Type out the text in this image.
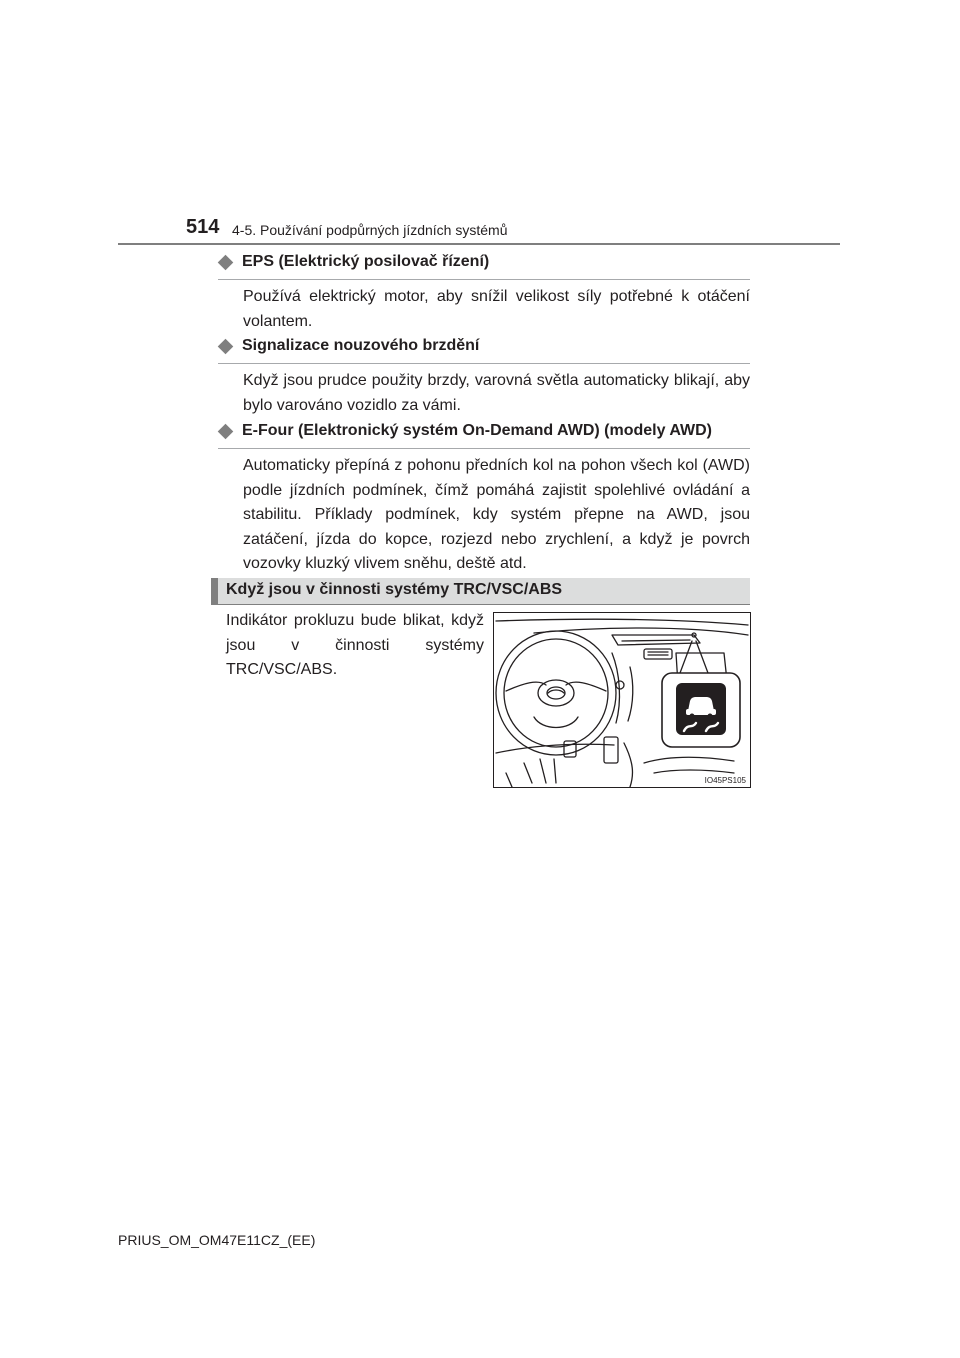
514 4-5. Používání podpůrných jízdních systémů
EPS (Elektrický posilovač řízení)
Používá elektrický motor, aby snížil velikost síly potřebné k otáčení volantem.
Signalizace nouzového brzdění
Když jsou prudce použity brzdy, varovná světla automaticky blikají, aby bylo varováno vozidlo za vámi.
E-Four (Elektronický systém On-Demand AWD) (modely AWD)
Automaticky přepíná z pohonu předních kol na pohon všech kol (AWD) podle jízdních podmínek, čímž pomáhá zajistit spolehlivé ovládání a stabilitu. Příklady podmínek, kdy systém přepne na AWD, jsou zatáčení, jízda do kopce, rozjezd nebo zrychlení, a když je povrch vozovky kluzký vlivem sněhu, deště atd.
Když jsou v činnosti systémy TRC/VSC/ABS
Indikátor prokluzu bude blikat, když jsou v činnosti systémy TRC/VSC/ABS.
IO45PS105
PRIUS_OM_OM47E11CZ_(EE)
